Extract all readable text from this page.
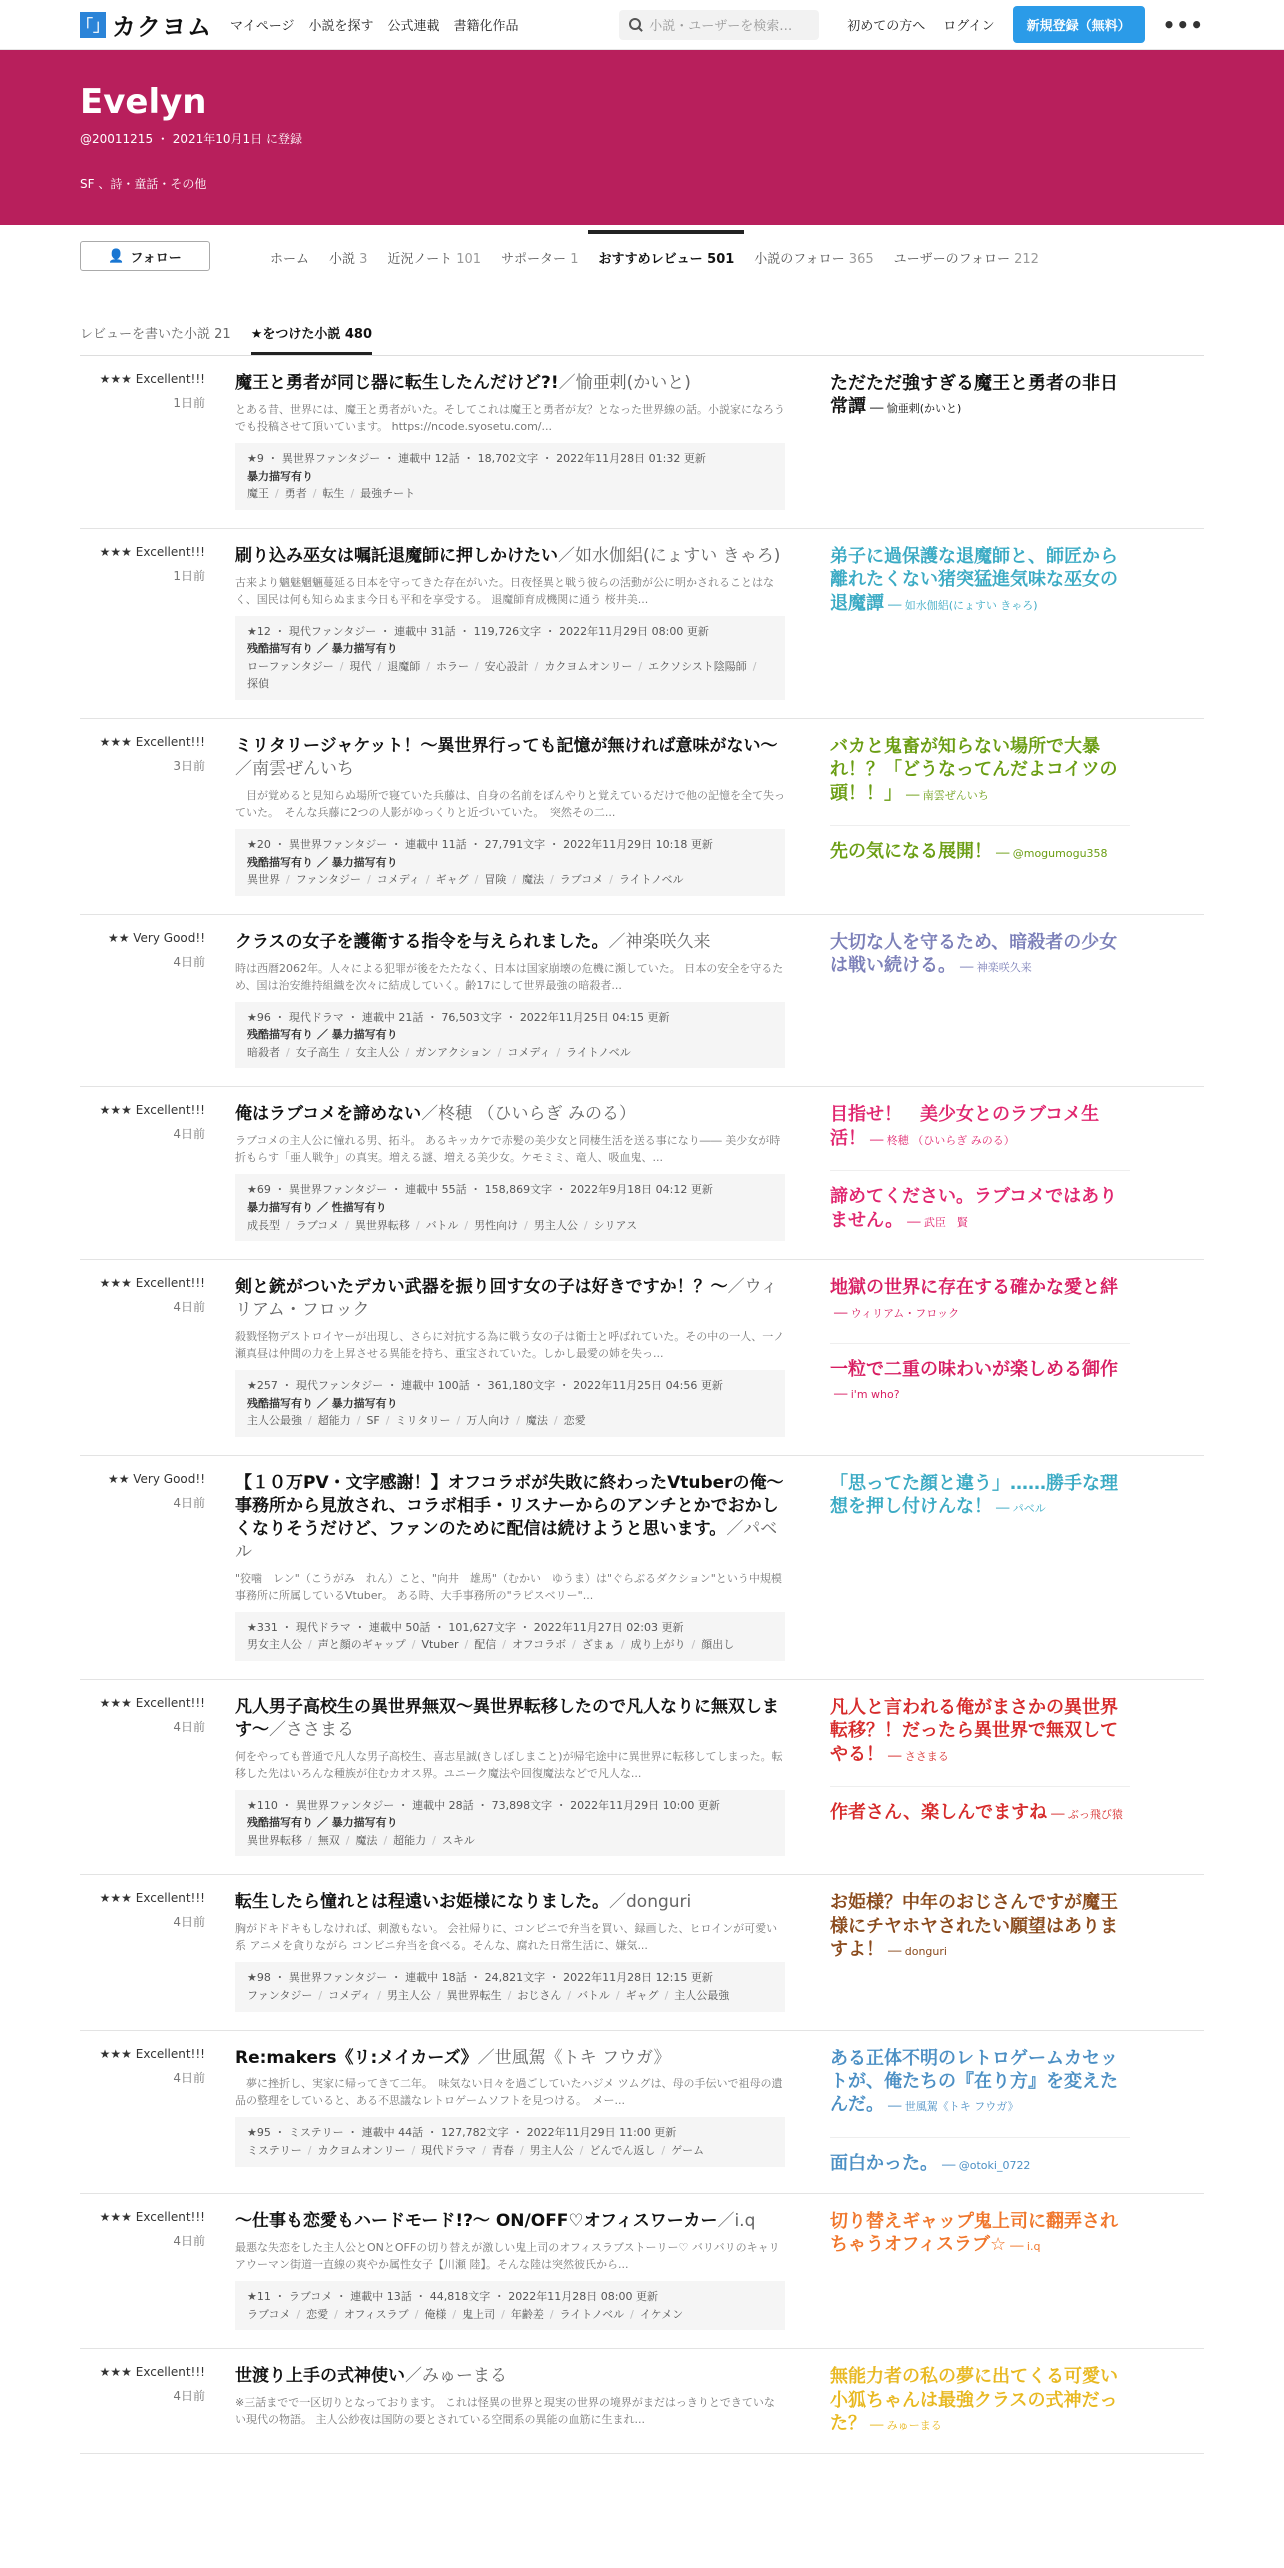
「」 カクヨム マイページ 小説を探す 公式連載 書籍化作品	小説・ユーザーを検索…	初めての方へ ログイン	新規登録（無料）	•••
Evelyn
@20011215 ・ 2021年10月1日 に登録
SF 、詩・童話・その他
👤 フォロー	ホーム	小説 3	近況ノート 101	サポーター 1	おすすめレビュー 501	小説のフォロー 365	ユーザーのフォロー 212
レビューを書いた小説 21 ★をつけた小説 480
★★★ Excellent!!!
1日前
魔王と勇者が同じ器に転生したんだけど?!／愉亜剌(かいと)
とある昔、世界には、魔王と勇者がいた。そしてこれは魔王と勇者が友？となった世界線の話。小説家になろうでも投稿させて頂いています。 https://ncode.syosetu.com/...
★9 ・ 異世界ファンタジー ・ 連載中 12話 ・ 18,702文字 ・ 2022年11月28日 01:32 更新
暴力描写有り
魔王 / 勇者 / 転生 / 最強チート
ただただ強すぎる魔王と勇者の非日常譚 ── 愉亜剌(かいと)
★★★ Excellent!!!
1日前
刷り込み巫女は嘱託退魔師に押しかけたい／如水伽絽(にょすい きゃろ)
古来より魑魅魍魎蔓延る日本を守ってきた存在がいた。日夜怪異と戦う彼らの活動が公に明かされることはなく、国民は何も知らぬまま今日も平和を享受する。 退魔師育成機関に通う 桜井美...
★12 ・ 現代ファンタジー ・ 連載中 31話 ・ 119,726文字 ・ 2022年11月29日 08:00 更新
残酷描写有り ／ 暴力描写有り
ローファンタジー / 現代 / 退魔師 / ホラー / 安心設計 / カクヨムオンリー / エクソシスト陰陽師 /探偵
弟子に過保護な退魔師と、師匠から離れたくない猪突猛進気味な巫女の退魔譚 ── 如水伽絽(にょすい きゃろ)
★★★ Excellent!!!
3日前
ミリタリージャケット！〜異世界行っても記憶が無ければ意味がない〜／南雲ぜんいち
　目が覚めると見知らぬ場所で寝ていた兵藤は、自身の名前をぼんやりと覚えているだけで他の記憶を全て失っていた。　そんな兵藤に2つの人影がゆっくりと近づいていた。　突然その二...
★20 ・ 異世界ファンタジー ・ 連載中 11話 ・ 27,791文字 ・ 2022年11月29日 10:18 更新
残酷描写有り ／ 暴力描写有り
異世界 / ファンタジー / コメディ / ギャグ / 冒険 / 魔法 / ラブコメ / ライトノベル
バカと鬼畜が知らない場所で大暴れ！？「どうなってんだよコイツの頭！！」 ── 南雲ぜんいち
先の気になる展開！ ── @mogumogu358
★★ Very Good!!
4日前
クラスの女子を護衛する指令を与えられました。／神楽咲久来
時は西暦2062年。人々による犯罪が後をたたなく、日本は国家崩壊の危機に瀕していた。 日本の安全を守るため、国は治安維持組織を次々に結成していく。齢17にして世界最強の暗殺者...
★96 ・ 現代ドラマ ・ 連載中 21話 ・ 76,503文字 ・ 2022年11月25日 04:15 更新
残酷描写有り ／ 暴力描写有り
暗殺者 / 女子高生 / 女主人公 / ガンアクション / コメディ / ライトノベル
大切な人を守るため、暗殺者の少女は戦い続ける。 ── 神楽咲久来
★★★ Excellent!!!
4日前
俺はラブコメを諦めない／柊穂 （ひいらぎ みのる）
ラブコメの主人公に憧れる男、拓斗。 あるキッカケで赤髪の美少女と同棲生活を送る事になり―― 美少女が時折もらす「亜人戦争」の真実。増える謎、増える美少女。ケモミミ、竜人、吸血鬼、...
★69 ・ 異世界ファンタジー ・ 連載中 55話 ・ 158,869文字 ・ 2022年9月18日 04:12 更新
暴力描写有り ／ 性描写有り
成長型 / ラブコメ / 異世界転移 / バトル / 男性向け / 男主人公 / シリアス
目指せ！　美少女とのラブコメ生活！ ── 柊穂 （ひいらぎ みのる）
諦めてください。ラブコメではありません。 ── 武臣　賢
★★★ Excellent!!!
4日前
剣と銃がついたデカい武器を振り回す女の子は好きですか！？〜／ウィリアム・フロック
殺戮怪物デストロイヤーが出現し、さらに対抗する為に戦う女の子は衛士と呼ばれていた。その中の一人、一ノ瀬真昼は仲間の力を上昇させる異能を持ち、重宝されていた。しかし最愛の姉を失っ...
★257 ・ 現代ファンタジー ・ 連載中 100話 ・ 361,180文字 ・ 2022年11月25日 04:56 更新
残酷描写有り ／ 暴力描写有り
主人公最強 / 超能力 / SF / ミリタリー / 万人向け / 魔法 / 恋愛
地獄の世界に存在する確かな愛と絆── ウィリアム・フロック
一粒で二重の味わいが楽しめる御作── i'm who?
★★ Very Good!!
4日前
【１０万PV・文字感謝！】オフコラボが失敗に終わったVtuberの俺〜事務所から見放され、コラボ相手・リスナーからのアンチとかでおかしくなりそうだけど、ファンのために配信は続けようと思います。／パベル
"狡噛　レン"（こうがみ　れん）こと、"向井　雄馬"（むかい　ゆうま）は"ぐらぶるダクション"という中規模事務所に所属しているVtuber。 ある時、大手事務所の"ラピスベリー"...
★331 ・ 現代ドラマ ・ 連載中 50話 ・ 101,627文字 ・ 2022年11月27日 02:03 更新
男女主人公 / 声と顔のギャップ / Vtuber / 配信 / オフコラボ / ざまぁ / 成り上がり / 顔出し
「思ってた顔と違う」……勝手な理想を押し付けんな！ ── パベル
★★★ Excellent!!!
4日前
凡人男子高校生の異世界無双〜異世界転移したので凡人なりに無双します〜／ささまる
何をやっても普通で凡人な男子高校生、喜志星誠(きしぼしまこと)が帰宅途中に異世界に転移してしまった。転移した先はいろんな種族が住むカオス界。ユニーク魔法や回復魔法などで凡人な...
★110 ・ 異世界ファンタジー ・ 連載中 28話 ・ 73,898文字 ・ 2022年11月29日 10:00 更新
残酷描写有り ／ 暴力描写有り
異世界転移 / 無双 / 魔法 / 超能力 / スキル
凡人と言われる俺がまさかの異世界転移？！だったら異世界で無双してやる！ ── ささまる
作者さん、楽しんでますね ── ぶっ飛び猿
★★★ Excellent!!!
4日前
転生したら憧れとは程遠いお姫様になりました。／donguri
胸がドキドキもしなければ、刺激もない。 会社帰りに、コンビニで弁当を買い、録画した、ヒロインが可愛い系 アニメを貪りながら コンビニ弁当を食べる。そんな、腐れた日常生活に、嫌気...
★98 ・ 異世界ファンタジー ・ 連載中 18話 ・ 24,821文字 ・ 2022年11月28日 12:15 更新
ファンタジー / コメディ / 男主人公 / 異世界転生 / おじさん / バトル / ギャグ / 主人公最強
お姫様？中年のおじさんですが魔王様にチヤホヤされたい願望はありますよ！ ── donguri
★★★ Excellent!!!
4日前
Re:makers《リ:メイカーズ》／世風駕《トキ フウガ》
　夢に挫折し、実家に帰ってきて二年。　味気ない日々を過ごしていたハジメ ツムグは、母の手伝いで祖母の遺品の整理をしていると、ある不思議なレトロゲームソフトを見つける。　メー...
★95 ・ ミステリー ・ 連載中 44話 ・ 127,782文字 ・ 2022年11月29日 11:00 更新
ミステリー / カクヨムオンリー / 現代ドラマ / 青春 / 男主人公 / どんでん返し / ゲーム
ある正体不明のレトロゲームカセットが、俺たちの『在り方』を変えたんだ。 ── 世風駕《トキ フウガ》
面白かった。 ── @otoki_0722
★★★ Excellent!!!
4日前
〜仕事も恋愛もハードモード!?〜 ON/OFF♡オフィスワーカー／i.q
最悪な失恋をした主人公とONとOFFの切り替えが激しい鬼上司のオフィスラブストーリー♡ バリバリのキャリアウーマン街道一直線の爽やか属性女子【川瀬 陸】。そんな陸は突然彼氏から...
★11 ・ ラブコメ ・ 連載中 13話 ・ 44,818文字 ・ 2022年11月28日 08:00 更新
ラブコメ / 恋愛 / オフィスラブ / 俺様 / 鬼上司 / 年齢差 / ライトノベル / イケメン
切り替えギャップ鬼上司に翻弄されちゃうオフィスラブ☆ ── i.q
★★★ Excellent!!!
4日前
世渡り上手の式神使い／みゅーまる
※三話までで一区切りとなっております。 これは怪異の世界と現実の世界の境界がまだはっきりとできていない現代の物語。 主人公紗夜は国防の要とされている空間系の異能の血筋に生まれ...
無能力者の私の夢に出てくる可愛い小狐ちゃんは最強クラスの式神だった？ ── みゅーまる
